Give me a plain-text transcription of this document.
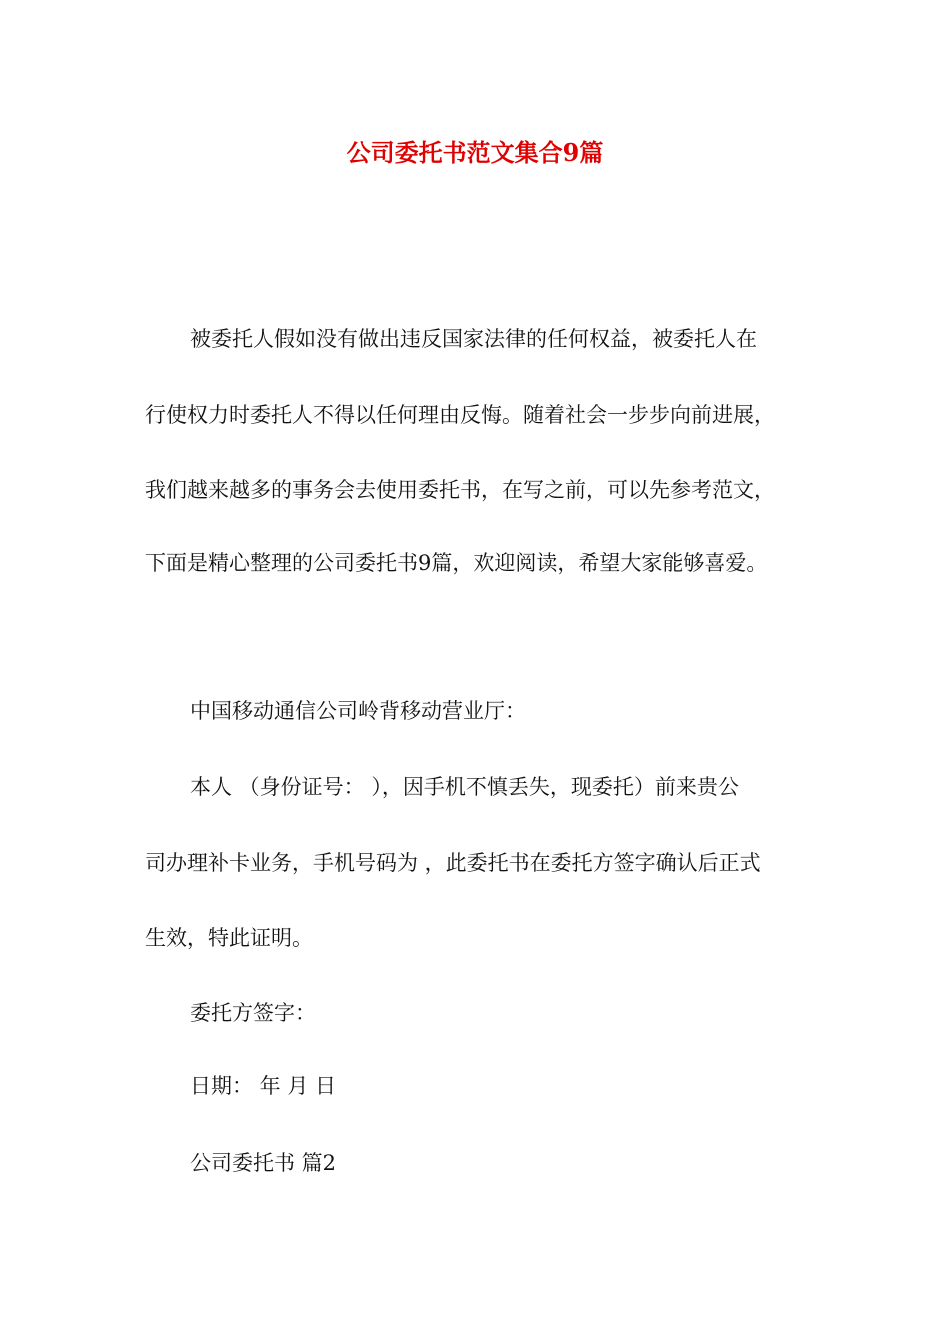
公司委托书范文集合9篇
被委托人假如没有做出违反国家法律的任何权益，被委托人在
行使权力时委托人不得以任何理由反悔。随着社会一步步向前进展，
我们越来越多的事务会去使用委托书，在写之前，可以先参考范文，
下面是精心整理的公司委托书9篇，欢迎阅读，希望大家能够喜爱。
中国移动通信公司岭背移动营业厅：
本人 （身份证号： ），因手机不慎丢失，现委托）前来贵公
司办理补卡业务，手机号码为 ，此委托书在委托方签字确认后正式
生效，特此证明。
委托方签字：
日期： 年 月 日
公司委托书 篇2
